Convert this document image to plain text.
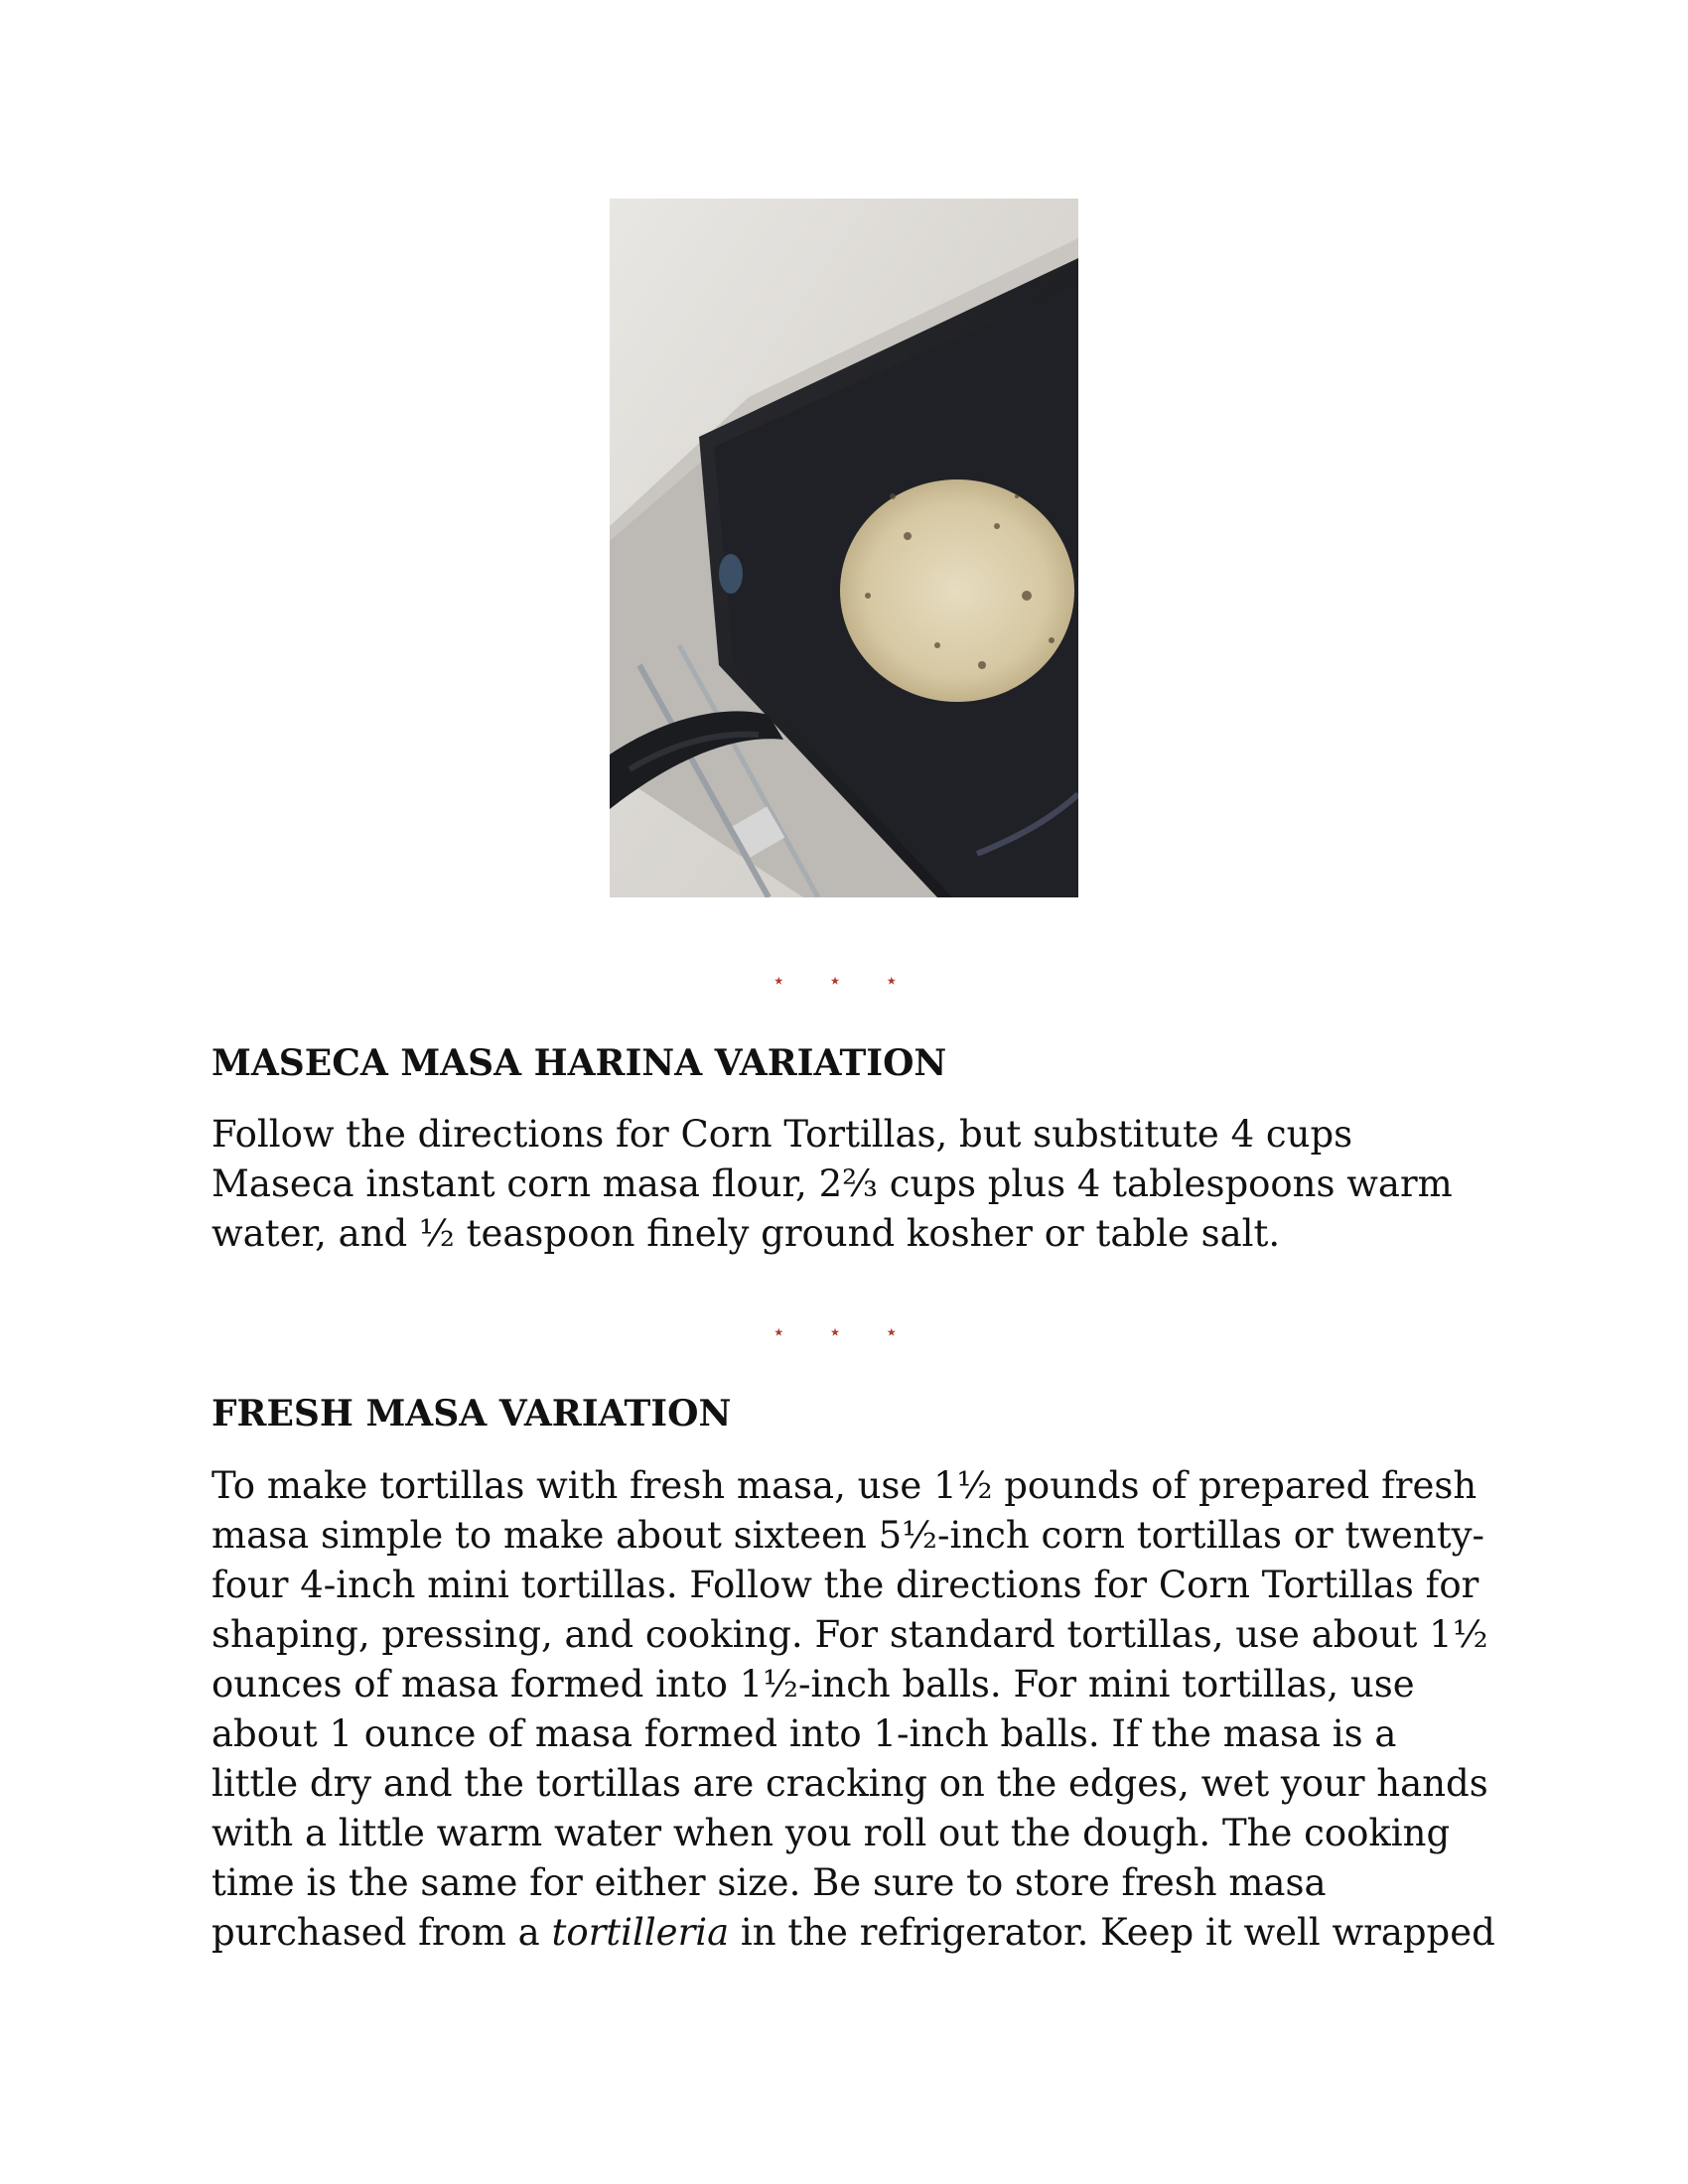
⋆ ⋆ ⋆
MASECA MASA HARINA VARIATION

Follow the directions for Corn Tortillas, but substitute 4 cups
Maseca instant corn masa flour, 2⅔ cups plus 4 tablespoons warm
water, and ½ teaspoon finely ground kosher or table salt.

⋆ ⋆ ⋆
FRESH MASA VARIATION

To make tortillas with fresh masa, use 1½ pounds of prepared fresh
masa simple to make about sixteen 5½-inch corn tortillas or twenty-
four 4-inch mini tortillas. Follow the directions for Corn Tortillas for
shaping, pressing, and cooking. For standard tortillas, use about 1½
ounces of masa formed into 1½-inch balls. For mini tortillas, use
about 1 ounce of masa formed into 1-inch balls. If the masa is a
little dry and the tortillas are cracking on the edges, wet your hands
with a little warm water when you roll out the dough. The cooking
time is the same for either size. Be sure to store fresh masa
purchased from a tortilleria in the refrigerator. Keep it well wrapped
